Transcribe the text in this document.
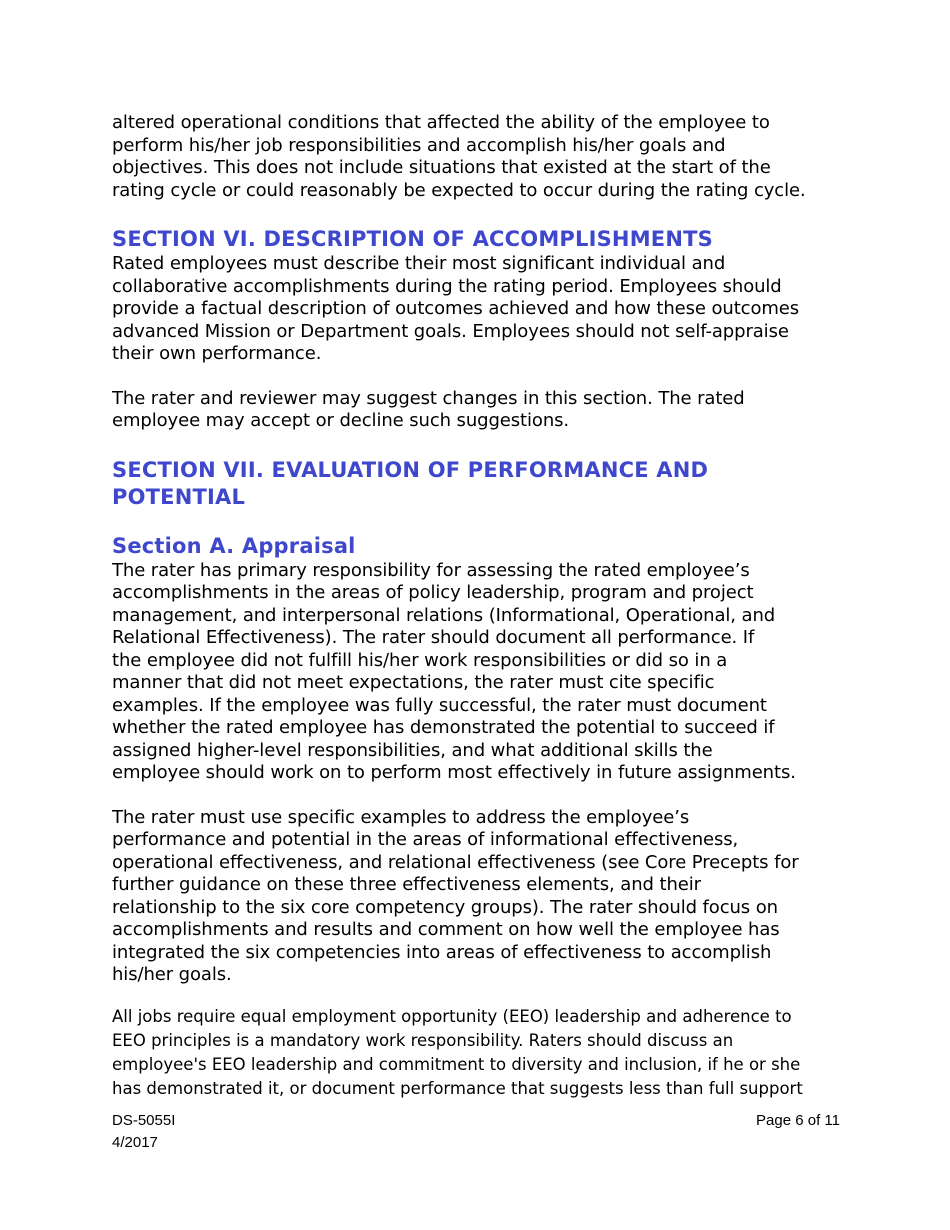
altered operational conditions that affected the ability of the employee to
perform his/her job responsibilities and accomplish his/her goals and
objectives. This does not include situations that existed at the start of the
rating cycle or could reasonably be expected to occur during the rating cycle.

SECTION VI. DESCRIPTION OF ACCOMPLISHMENTS

Rated employees must describe their most significant individual and
collaborative accomplishments during the rating period. Employees should
provide a factual description of outcomes achieved and how these outcomes
advanced Mission or Department goals. Employees should not self-appraise
their own performance.

The rater and reviewer may suggest changes in this section. The rated
employee may accept or decline such suggestions.

SECTION VII. EVALUATION OF PERFORMANCE AND
POTENTIAL
Section A. Appraisal

The rater has primary responsibility for assessing the rated employee’s
accomplishments in the areas of policy leadership, program and project
management, and interpersonal relations (Informational, Operational, and
Relational Effectiveness). The rater should document all performance. If
the employee did not fulfill his/her work responsibilities or did so in a
manner that did not meet expectations, the rater must cite specific
examples. If the employee was fully successful, the rater must document
whether the rated employee has demonstrated the potential to succeed if
assigned higher-level responsibilities, and what additional skills the
employee should work on to perform most effectively in future assignments.

The rater must use specific examples to address the employee’s
performance and potential in the areas of informational effectiveness,
operational effectiveness, and relational effectiveness (see Core Precepts for
further guidance on these three effectiveness elements, and their
relationship to the six core competency groups). The rater should focus on
accomplishments and results and comment on how well the employee has
integrated the six competencies into areas of effectiveness to accomplish
his/her goals.

All jobs require equal employment opportunity (EEO) leadership and adherence to
EEO principles is a mandatory work responsibility. Raters should discuss an
employee's EEO leadership and commitment to diversity and inclusion, if he or she
has demonstrated it, or document performance that suggests less than full support

DS-5055I
4/2017
Page 6 of 11
